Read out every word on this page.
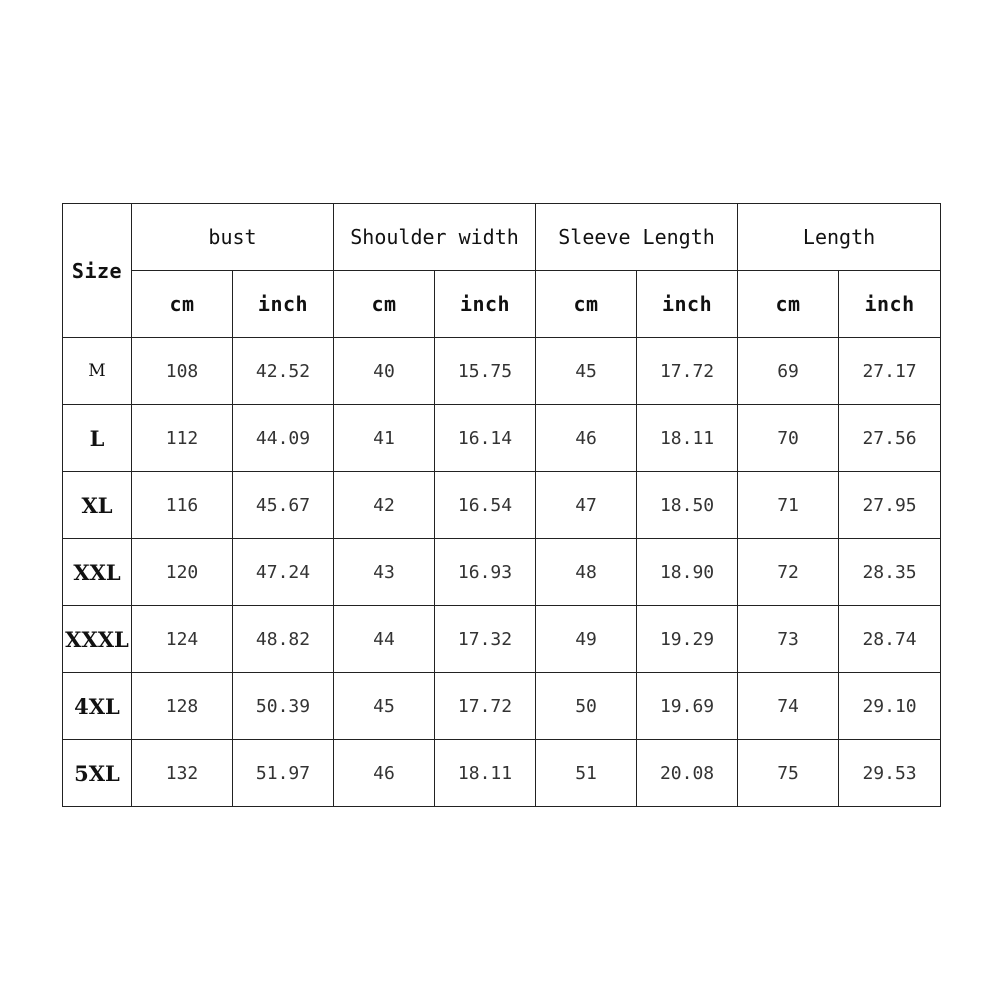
Size	bust		Shoulder width		Sleeve Length		Length	
	cm	inch	cm	inch	cm	inch	cm	inch
M	108	42.52	40	15.75	45	17.72	69	27.17
L	112	44.09	41	16.14	46	18.11	70	27.56
XL	116	45.67	42	16.54	47	18.50	71	27.95
XXL	120	47.24	43	16.93	48	18.90	72	28.35
XXXL	124	48.82	44	17.32	49	19.29	73	28.74
4XL	128	50.39	45	17.72	50	19.69	74	29.10
5XL	132	51.97	46	18.11	51	20.08	75	29.53
